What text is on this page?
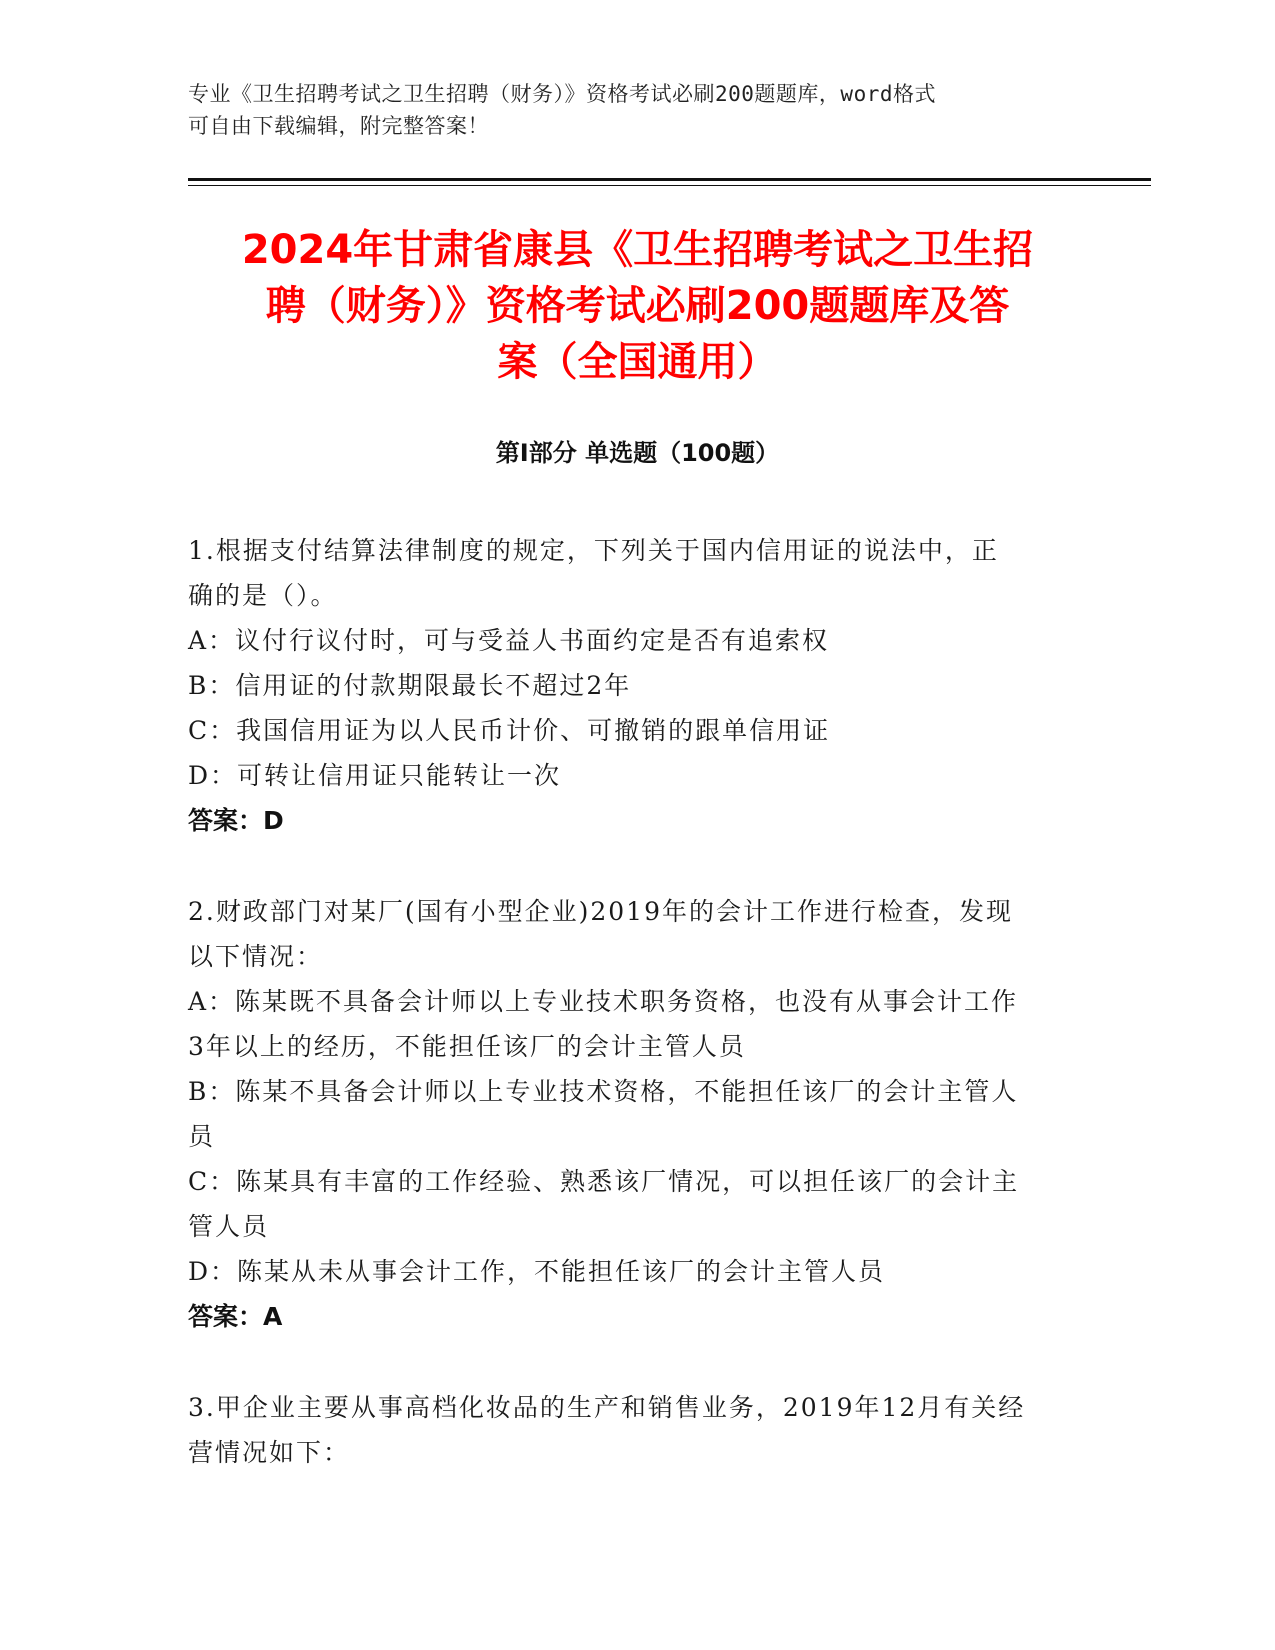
专业《卫生招聘考试之卫生招聘（财务）》资格考试必刷200题题库，word格式
可自由下载编辑，附完整答案！
2024年甘肃省康县《卫生招聘考试之卫生招
聘（财务）》资格考试必刷200题题库及答
案（全国通用）
第I部分 单选题（100题）
1.根据支付结算法律制度的规定，下列关于国内信用证的说法中，正
确的是（）。
A：议付行议付时，可与受益人书面约定是否有追索权
B：信用证的付款期限最长不超过2年
C：我国信用证为以人民币计价、可撤销的跟单信用证
D：可转让信用证只能转让一次
答案：D
2.财政部门对某厂(国有小型企业)2019年的会计工作进行检查，发现
以下情况：
A：陈某既不具备会计师以上专业技术职务资格，也没有从事会计工作
3年以上的经历，不能担任该厂的会计主管人员
B：陈某不具备会计师以上专业技术资格，不能担任该厂的会计主管人
员
C：陈某具有丰富的工作经验、熟悉该厂情况，可以担任该厂的会计主
管人员
D：陈某从未从事会计工作，不能担任该厂的会计主管人员
答案：A
3.甲企业主要从事高档化妆品的生产和销售业务，2019年12月有关经
营情况如下：
